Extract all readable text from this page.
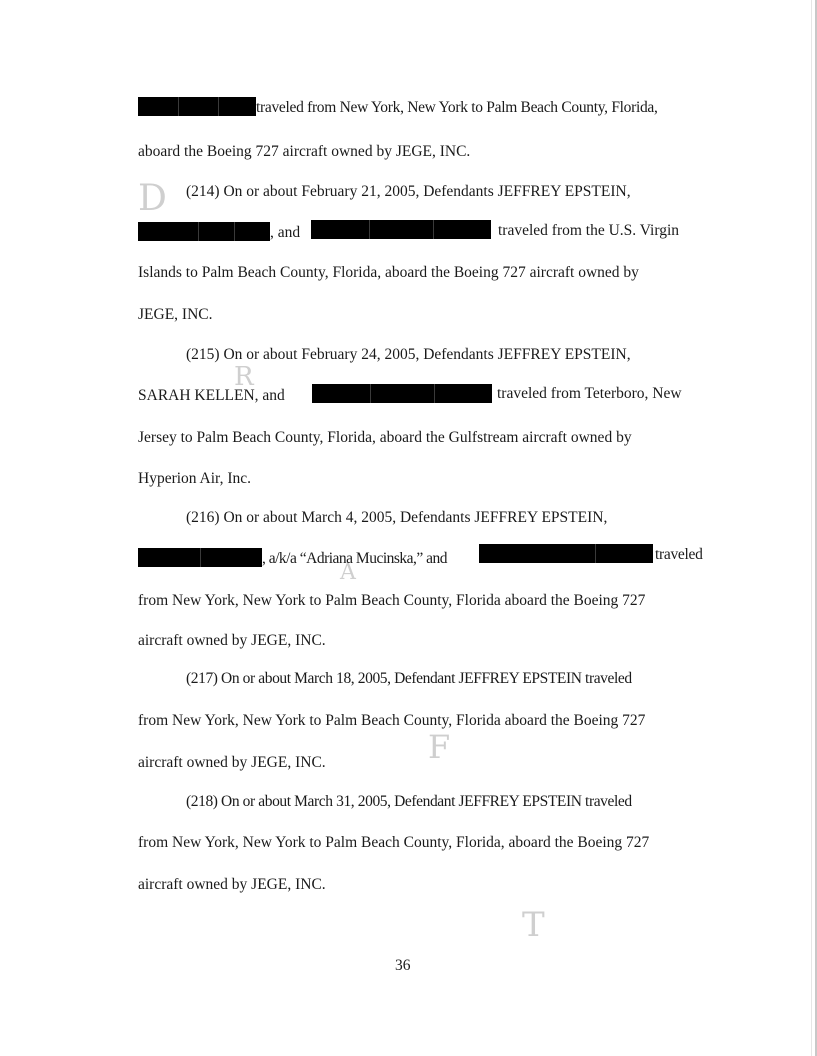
D
R
A
F
T
traveled from New York, New York to Palm Beach County, Florida,
aboard the Boeing 727 aircraft owned by JEGE, INC.
(214) On or about February 21, 2005, Defendants JEFFREY EPSTEIN,
, and	traveled from the U.S. Virgin
Islands to Palm Beach County, Florida, aboard the Boeing 727 aircraft owned by
JEGE, INC.
(215) On or about February 24, 2005, Defendants JEFFREY EPSTEIN,
SARAH KELLEN, and	traveled from Teterboro, New
Jersey to Palm Beach County, Florida, aboard the Gulfstream aircraft owned by
Hyperion Air, Inc.
(216) On or about March 4, 2005, Defendants JEFFREY EPSTEIN,
, a/k/a “Adriana Mucinska,” and	traveled
from New York, New York to Palm Beach County, Florida aboard the Boeing 727
aircraft owned by JEGE, INC.
(217) On or about March 18, 2005, Defendant JEFFREY EPSTEIN traveled
from New York, New York to Palm Beach County, Florida aboard the Boeing 727
aircraft owned by JEGE, INC.
(218) On or about March 31, 2005, Defendant JEFFREY EPSTEIN traveled
from New York, New York to Palm Beach County, Florida, aboard the Boeing 727
aircraft owned by JEGE, INC.
36
